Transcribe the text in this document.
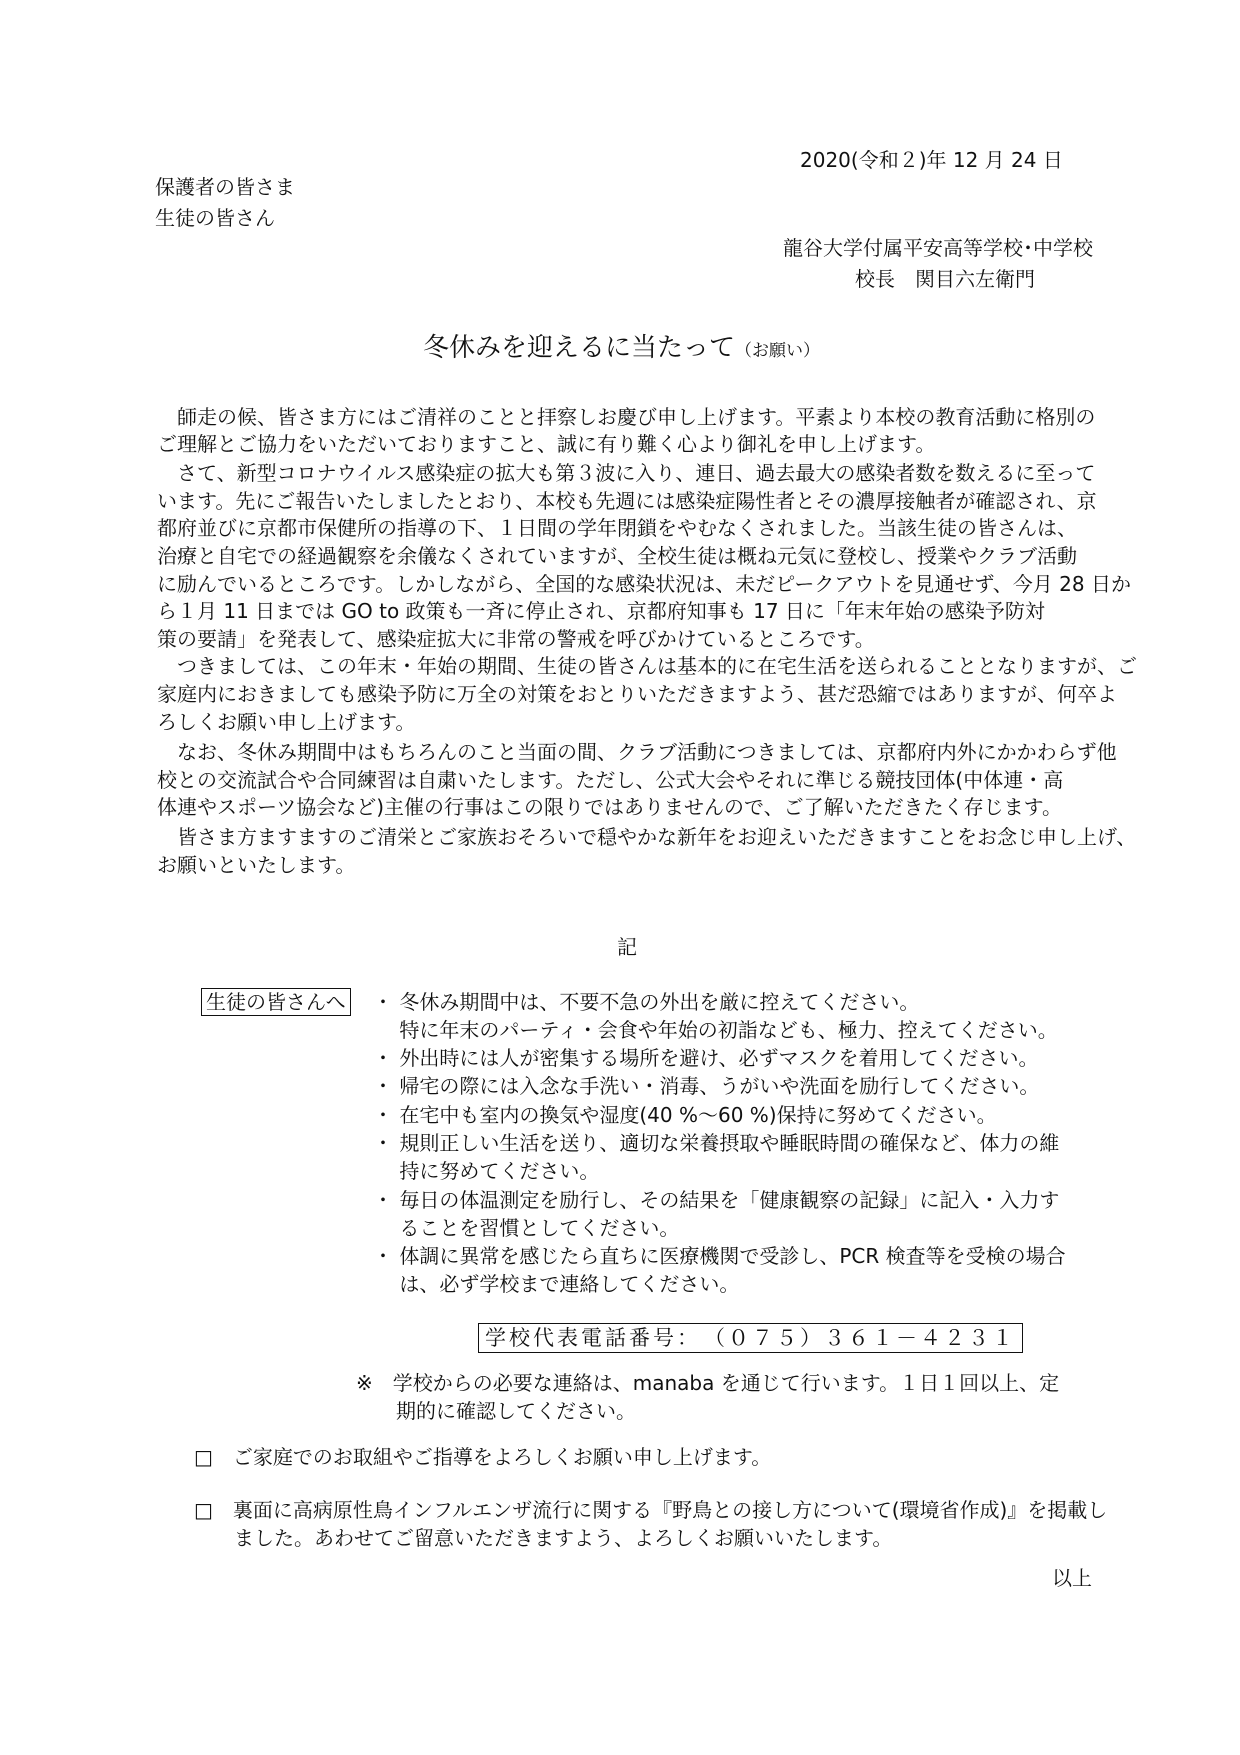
2020(令和２)年 12 月 24 日
保護者の皆さま
生徒の皆さん
龍谷大学付属平安高等学校･中学校
校長　関目六左衛門
冬休みを迎えるに当たって（お願い）
　師走の候、皆さま方にはご清祥のことと拝察しお慶び申し上げます。平素より本校の教育活動に格別の
ご理解とご協力をいただいておりますこと、誠に有り難く心より御礼を申し上げます。
　さて、新型コロナウイルス感染症の拡大も第３波に入り、連日、過去最大の感染者数を数えるに至って
います。先にご報告いたしましたとおり、本校も先週には感染症陽性者とその濃厚接触者が確認され、京
都府並びに京都市保健所の指導の下、１日間の学年閉鎖をやむなくされました。当該生徒の皆さんは、
治療と自宅での経過観察を余儀なくされていますが、全校生徒は概ね元気に登校し、授業やクラブ活動
に励んでいるところです。しかしながら、全国的な感染状況は、未だピークアウトを見通せず、今月 28 日か
ら１月 11 日までは GO to 政策も一斉に停止され、京都府知事も 17 日に「年末年始の感染予防対
策の要請」を発表して、感染症拡大に非常の警戒を呼びかけているところです。
　つきましては、この年末・年始の期間、生徒の皆さんは基本的に在宅生活を送られることとなりますが、ご
家庭内におきましても感染予防に万全の対策をおとりいただきますよう、甚だ恐縮ではありますが、何卒よ
ろしくお願い申し上げます。
　なお、冬休み期間中はもちろんのこと当面の間、クラブ活動につきましては、京都府内外にかかわらず他
校との交流試合や合同練習は自粛いたします。ただし、公式大会やそれに準じる競技団体(中体連・高
体連やスポーツ協会など)主催の行事はこの限りではありませんので、ご了解いただきたく存じます。
　皆さま方ますますのご清栄とご家族おそろいで穏やかな新年をお迎えいただきますことをお念じ申し上げ、
お願いといたします。
記
生徒の皆さんへ ・ 冬休み期間中は、不要不急の外出を厳に控えてください。
　 特に年末のパーティ・会食や年始の初詣なども、極力、控えてください。
・ 外出時には人が密集する場所を避け、必ずマスクを着用してください。
・ 帰宅の際には入念な手洗い・消毒、うがいや洗面を励行してください。
・ 在宅中も室内の換気や湿度(40 %～60 %)保持に努めてください。
・ 規則正しい生活を送り、適切な栄養摂取や睡眠時間の確保など、体力の維
　 持に努めてください。
・ 毎日の体温測定を励行し、その結果を「健康観察の記録」に記入・入力す
　 ることを習慣としてください。
・ 体調に異常を感じたら直ちに医療機関で受診し、PCR 検査等を受検の場合
　 は、必ず学校まで連絡してください。
学校代表電話番号：　（０７５）３６１－４２３１
※　学校からの必要な連絡は、manaba を通じて行います。１日１回以上、定
　　期的に確認してください。
□　ご家庭でのお取組やご指導をよろしくお願い申し上げます。
□　裏面に高病原性鳥インフルエンザ流行に関する『野鳥との接し方について(環境省作成)』を掲載し
　　ました。あわせてご留意いただきますよう、よろしくお願いいたします。
以上
